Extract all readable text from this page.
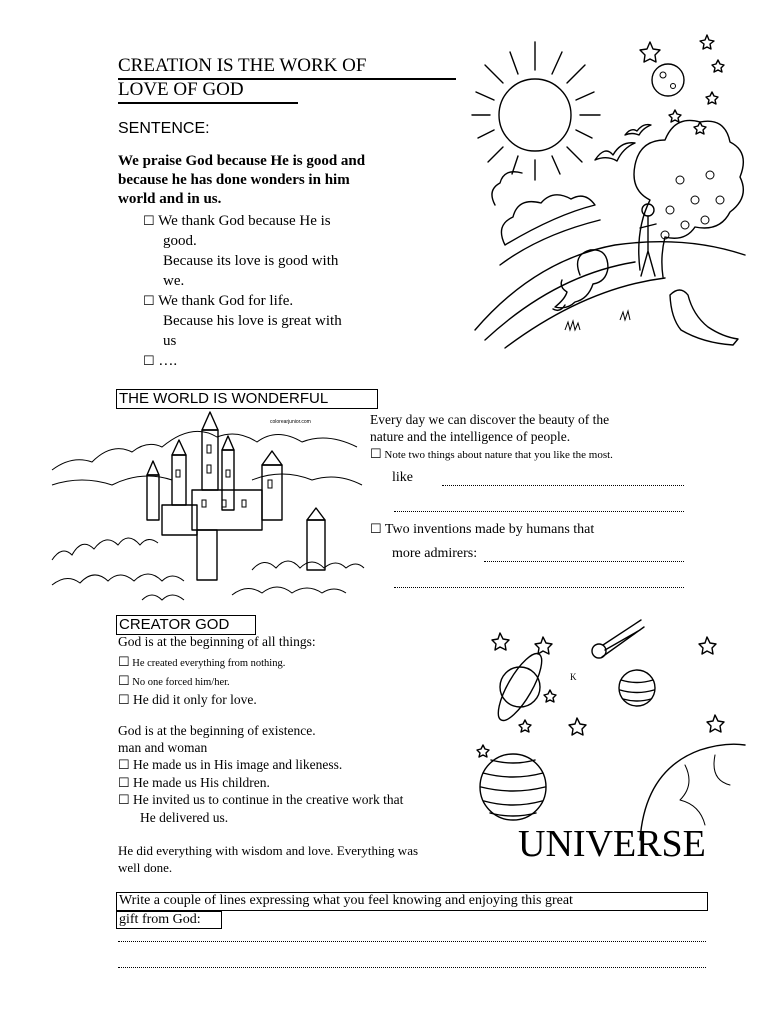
CREATION IS THE WORK OF
LOVE OF GOD
SENTENCE:
We praise God because He is good and
because he has done wonders in him
world and in us.
☐ We thank God because He is
good.
Because its love is good with
we.
☐ We thank God for life.
Because his love is great with
us
☐ ….
THE WORLD IS WONDERFUL
colorearjunior.com	Every day we can discover the beauty of the
nature and the intelligence of people.
☐ Note two things about nature that you like the most.
like
☐ Two inventions made by humans that
more admirers:
CREATOR GOD
God is at the beginning of all things:
☐ He created everything from nothing.
☐ No one forced him/her.
☐ He did it only for love.
God is at the beginning of existence.
man and woman
☐ He made us in His image and likeness.
☐ He made us His children.
☐ He invited us to continue in the creative work that
He delivered us.
He did everything with wisdom and love. Everything was
well done.
K
UNIVERSE
Write a couple of lines expressing what you feel knowing and enjoying this great
gift from God:
